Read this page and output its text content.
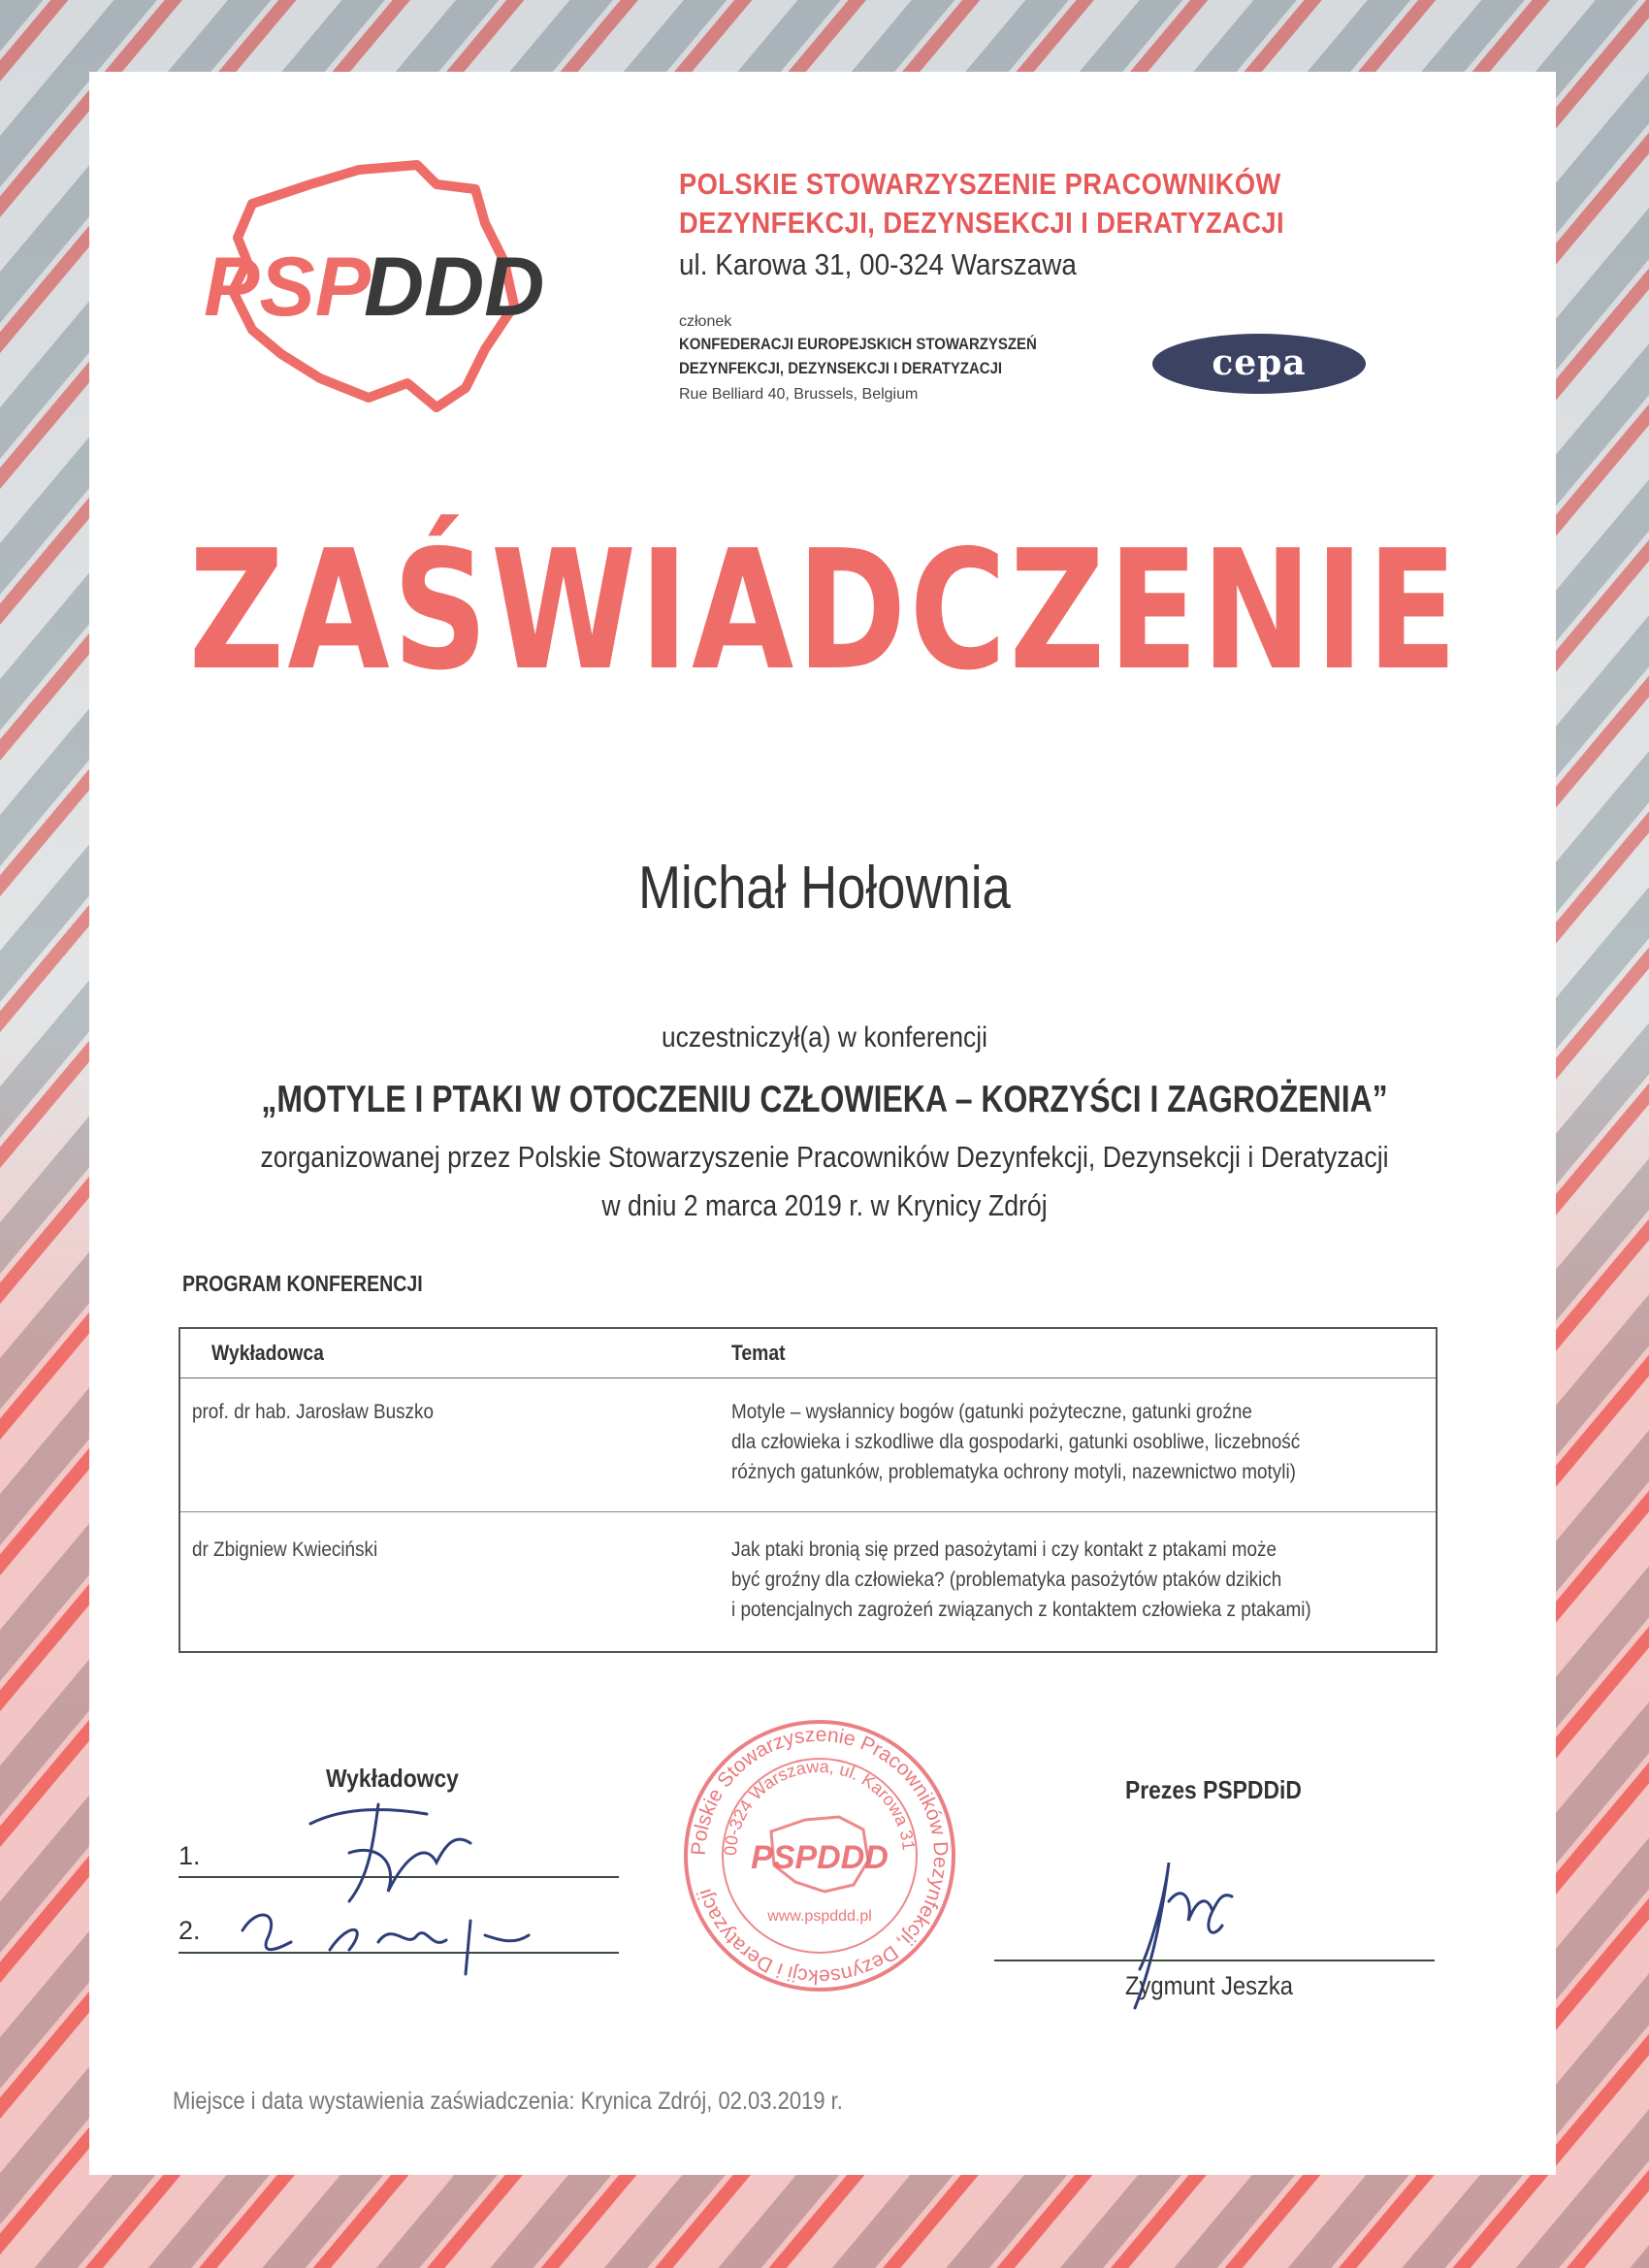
PSP
DDD
POLSKIE STOWARZYSZENIE PRACOWNIKÓW
DEZYNFEKCJI, DEZYNSEKCJI I DERATYZACJI
ul. Karowa 31, 00-324 Warszawa
członek
KONFEDERACJI EUROPEJSKICH STOWARZYSZEŃ
DEZYNFEKCJI, DEZYNSEKCJI I DERATYZACJI
Rue Belliard 40, Brussels, Belgium
cepa
ZAŚWIADCZENIE
Michał Hołownia
uczestniczył(a) w konferencji
„MOTYLE I PTAKI W OTOCZENIU CZŁOWIEKA – KORZYŚCI I ZAGROŻENIA”
zorganizowanej przez Polskie Stowarzyszenie Pracowników Dezynfekcji, Dezynsekcji i Deratyzacji
w dniu 2 marca 2019 r. w Krynicy Zdrój
PROGRAM KONFERENCJI
Wykładowca	Temat
prof. dr hab. Jarosław Buszko	Motyle – wysłannicy bogów (gatunki pożyteczne, gatunki groźne
dla człowieka i szkodliwe dla gospodarki, gatunki osobliwe, liczebność
różnych gatunków, problematyka ochrony motyli, nazewnictwo motyli)
dr Zbigniew Kwieciński	Jak ptaki bronią się przed pasożytami i czy kontakt z ptakami może
być groźny dla człowieka? (problematyka pasożytów ptaków dzikich
i potencjalnych zagrożeń związanych z kontaktem człowieka z ptakami)
Wykładowcy
1.
2.
Prezes PSPDDiD
Zygmunt Jeszka
Polskie Stowarzyszenie Pracowników Dezynfekcji, Dezynsekcji i Deratyzacji
00-324 Warszawa, ul. Karowa 31
PSPDDD
www.pspddd.pl
Miejsce i data wystawienia zaświadczenia: Krynica Zdrój, 02.03.2019 r.
